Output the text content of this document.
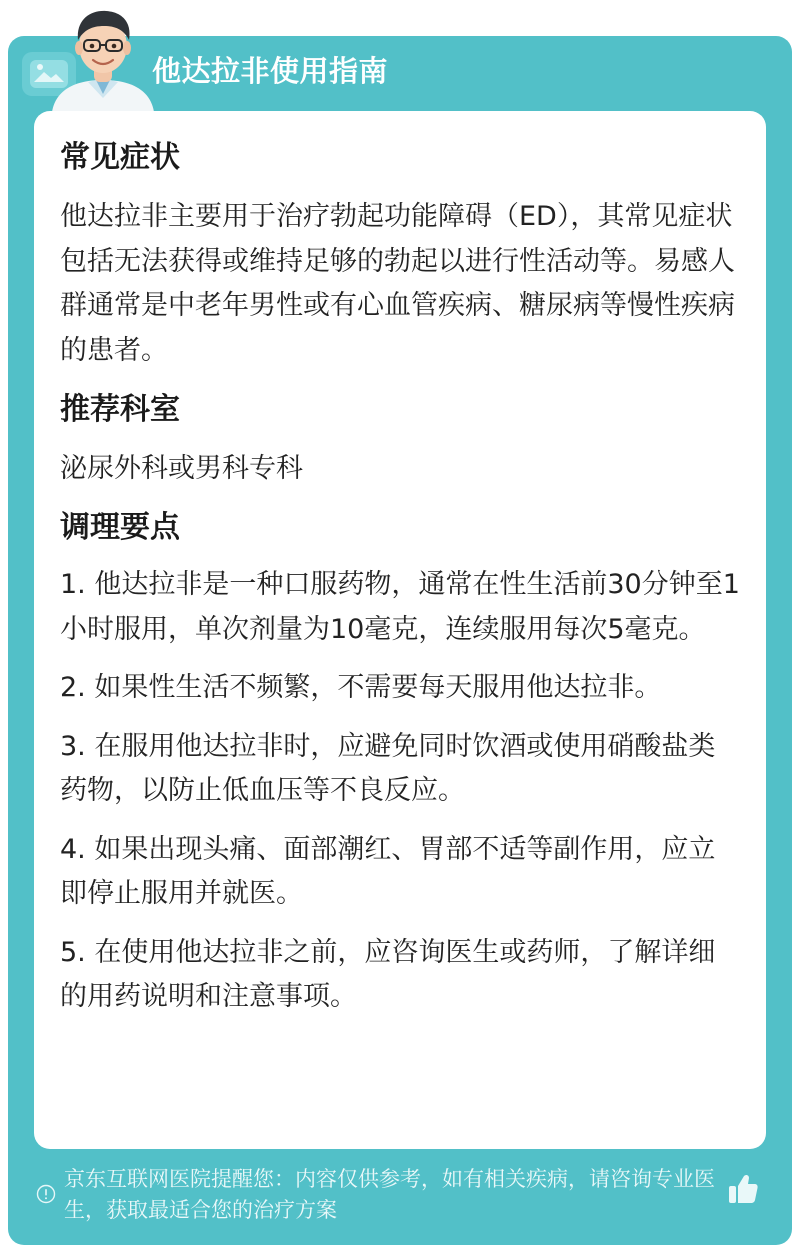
他达拉非使用指南
常见症状

他达拉非主要用于治疗勃起功能障碍（ED），其常见症状包括无法获得或维持足够的勃起以进行性活动等。易感人群通常是中老年男性或有心血管疾病、糖尿病等慢性疾病的患者。

推荐科室

泌尿外科或男科专科

调理要点

1. 他达拉非是一种口服药物，通常在性生活前30分钟至1小时服用，单次剂量为10毫克，连续服用每次5毫克。

2. 如果性生活不频繁，不需要每天服用他达拉非。

3. 在服用他达拉非时，应避免同时饮酒或使用硝酸盐类药物，以防止低血压等不良反应。

4. 如果出现头痛、面部潮红、胃部不适等副作用，应立即停止服用并就医。

5. 在使用他达拉非之前，应咨询医生或药师，了解详细的用药说明和注意事项。

京东互联网医院提醒您：内容仅供参考，如有相关疾病，请咨询专业医生，获取最适合您的治疗方案
